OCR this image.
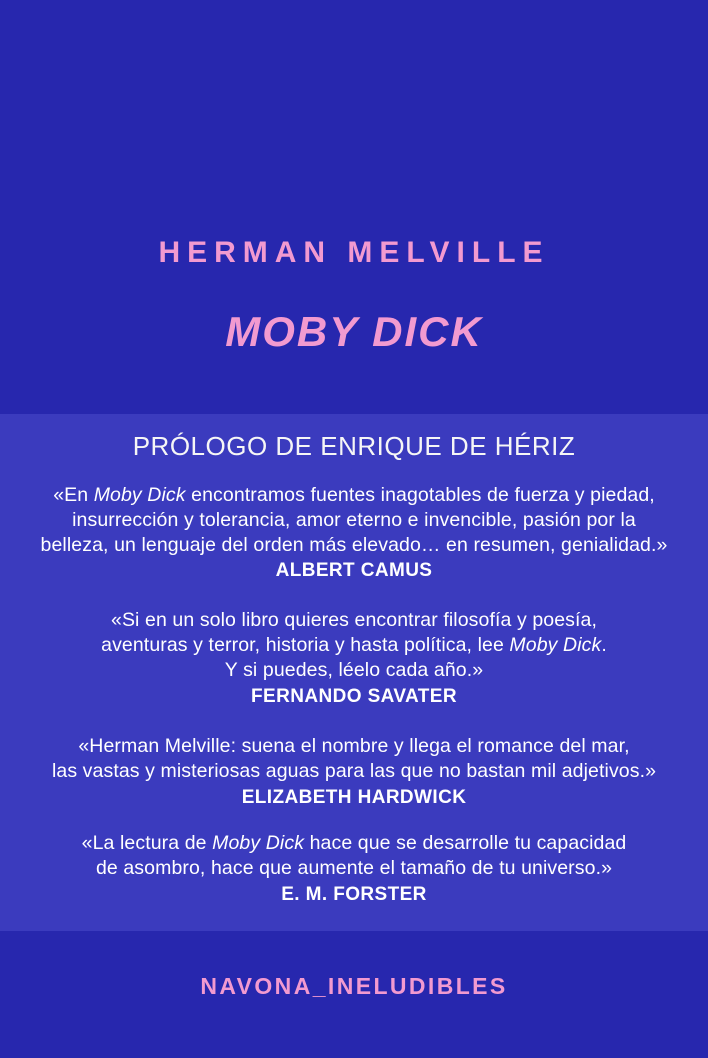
HERMAN MELVILLE
MOBY DICK
PRÓLOGO DE ENRIQUE DE HÉRIZ
«En Moby Dick encontramos fuentes inagotables de fuerza y piedad,
insurrección y tolerancia, amor eterno e invencible, pasión por la
belleza, un lenguaje del orden más elevado… en resumen, genialidad.»
ALBERT CAMUS
«Si en un solo libro quieres encontrar filosofía y poesía,
aventuras y terror, historia y hasta política, lee Moby Dick.
Y si puedes, léelo cada año.»
FERNANDO SAVATER
«Herman Melville: suena el nombre y llega el romance del mar,
las vastas y misteriosas aguas para las que no bastan mil adjetivos.»
ELIZABETH HARDWICK
«La lectura de Moby Dick hace que se desarrolle tu capacidad
de asombro, hace que aumente el tamaño de tu universo.»
E. M. FORSTER
NAVONA_INELUDIBLES
